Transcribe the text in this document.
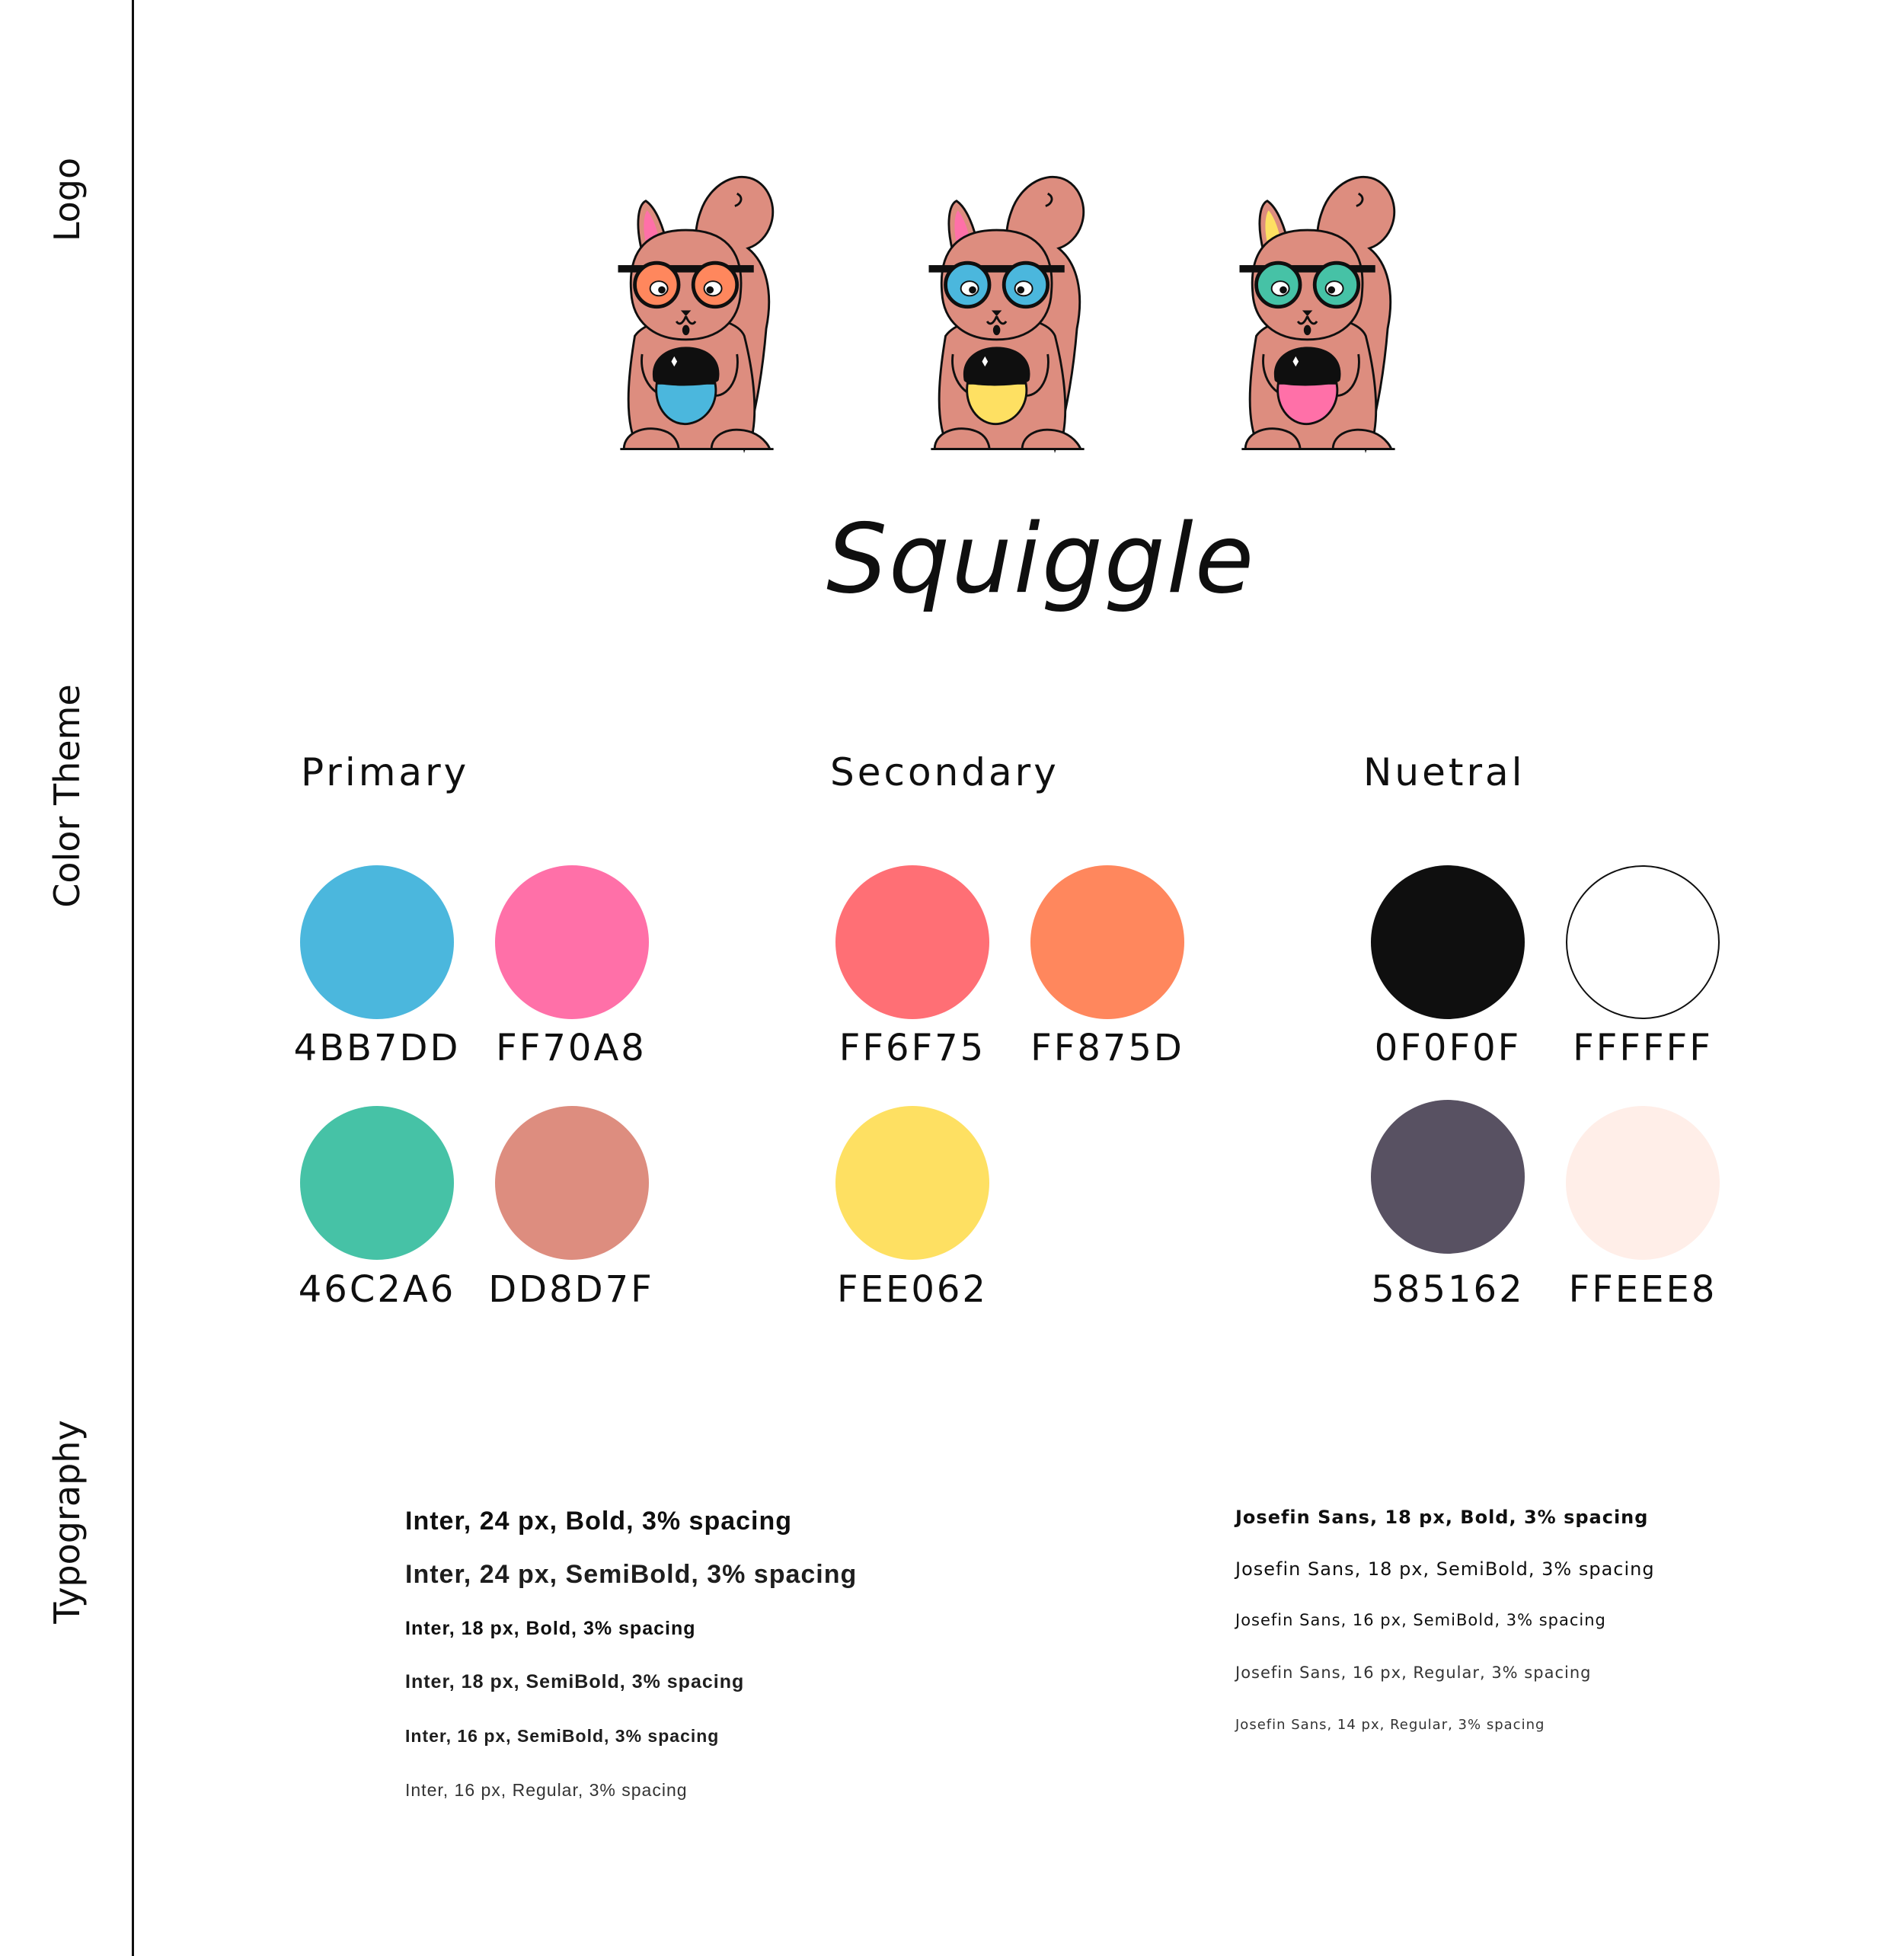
Logo
Color Theme
Typography
Squiggle
Primary	Secondary	Nuetral
4BB7DD FF70A8
46C2A6 DD8D7F
FF6F75	FF875D
FEE062
0F0F0F	FFFFFF
585162	FFEEE8
Inter, 24 px, Bold, 3% spacing
Inter, 24 px, SemiBold, 3% spacing
Inter, 18 px, Bold, 3% spacing
Inter, 18 px, SemiBold, 3% spacing
Inter, 16 px, SemiBold, 3% spacing
Inter, 16 px, Regular, 3% spacing
Josefin Sans, 18 px, Bold, 3% spacing
Josefin Sans, 18 px, SemiBold, 3% spacing
Josefin Sans, 16 px, SemiBold, 3% spacing
Josefin Sans, 16 px, Regular, 3% spacing
Josefin Sans, 14 px, Regular, 3% spacing
